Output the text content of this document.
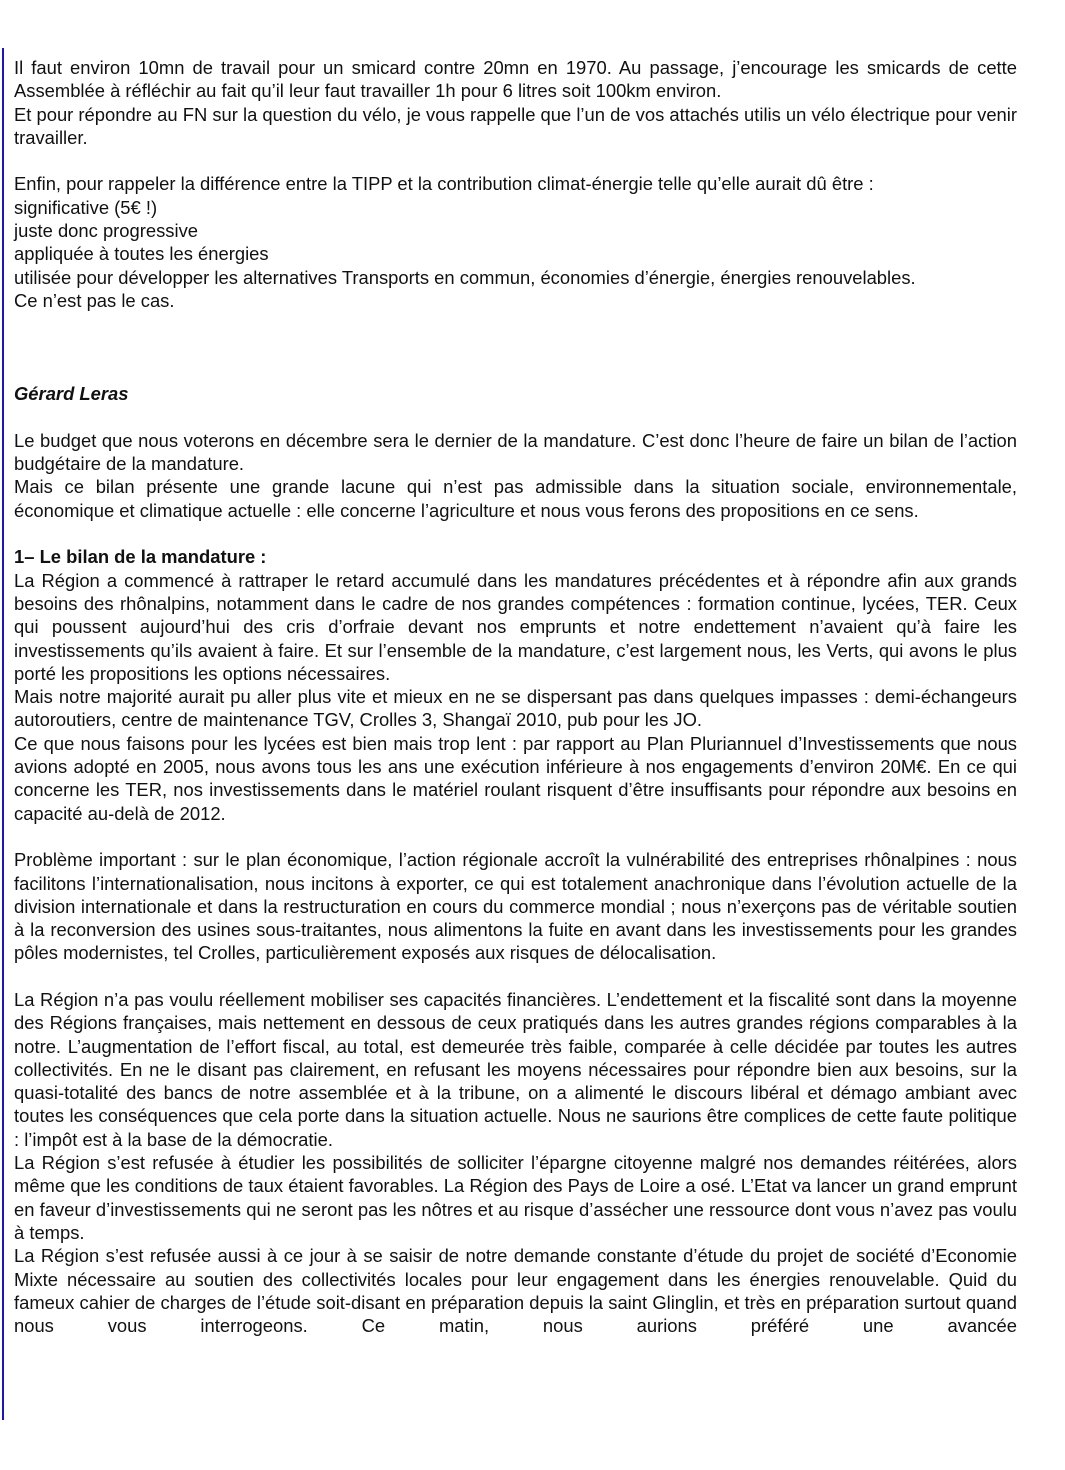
Il faut environ 10mn de travail pour un smicard contre 20mn en 1970. Au passage, j’encourage les smicards de cette Assemblée à réfléchir au fait qu’il leur faut travailler 1h pour 6 litres soit 100km environ.

Et pour répondre au FN sur la question du vélo, je vous rappelle que l’un de vos attachés utilis un vélo électrique pour venir travailler.

Enfin, pour rappeler la différence entre la TIPP et la contribution climat-énergie telle qu’elle aurait dû être :

significative (5€ !)

juste donc progressive

appliquée à toutes les énergies

utilisée pour développer les alternatives Transports en commun, économies d’énergie, énergies renouvelables.

Ce n’est pas le cas.

Gérard Leras

Le budget que nous voterons en décembre sera le dernier de la mandature. C’est donc l’heure de faire un bilan de l’action budgétaire de la mandature.

Mais ce bilan présente une grande lacune qui n’est pas admissible dans la situation sociale, environnementale, économique et climatique actuelle : elle concerne l’agriculture et nous vous ferons des propositions en ce sens.

1– Le bilan de la mandature :

La Région a commencé à rattraper le retard accumulé dans les mandatures précédentes et à répondre afin aux grands besoins des rhônalpins, notamment dans le cadre de nos grandes compétences : formation continue, lycées, TER. Ceux qui poussent aujourd’hui des cris d’orfraie devant nos emprunts et notre endettement n’avaient qu’à faire les investissements qu’ils avaient à faire. Et sur l’ensemble de la mandature, c’est largement nous, les Verts, qui avons le plus porté les propositions les options nécessaires.

Mais notre majorité aurait pu aller plus vite et mieux en ne se dispersant pas dans quelques impasses : demi-échangeurs autoroutiers, centre de maintenance TGV, Crolles 3, Shangaï 2010, pub pour les JO.

Ce que nous faisons pour les lycées est bien mais trop lent : par rapport au Plan Pluriannuel d’Investissements que nous avions adopté en 2005, nous avons tous les ans une exécution inférieure à nos engagements d’environ 20M€. En ce qui concerne les TER, nos investissements dans le matériel roulant risquent d’être insuffisants pour répondre aux besoins en capacité au-delà de 2012.

Problème important : sur le plan économique, l’action régionale accroît la vulnérabilité des entreprises rhônalpines : nous facilitons l’internationalisation, nous incitons à exporter, ce qui est totalement anachronique dans l’évolution actuelle de la division internationale et dans la restructuration en cours du commerce mondial ; nous n’exerçons pas de véritable soutien à la reconversion des usines sous-traitantes, nous alimentons la fuite en avant dans les investissements pour les grandes pôles modernistes, tel Crolles, particulièrement exposés aux risques de délocalisation.

La Région n’a pas voulu réellement mobiliser ses capacités financières. L’endettement et la fiscalité sont dans la moyenne des Régions françaises, mais nettement en dessous de ceux pratiqués dans les autres grandes régions comparables à la notre. L’augmentation de l’effort fiscal, au total, est demeurée très faible, comparée à celle décidée par toutes les autres collectivités. En ne le disant pas clairement, en refusant les moyens nécessaires pour répondre bien aux besoins, sur la quasi-totalité des bancs de notre assemblée et à la tribune, on a alimenté le discours libéral et démago ambiant avec toutes les conséquences que cela porte dans la situation actuelle. Nous ne saurions être complices de cette faute politique : l’impôt est à la base de la démocratie.

La Région s’est refusée à étudier les possibilités de solliciter l’épargne citoyenne malgré nos demandes réitérées, alors même que les conditions de taux étaient favorables. La Région des Pays de Loire a osé. L’Etat va lancer un grand emprunt en faveur d’investissements qui ne seront pas les nôtres et au risque d’assécher une ressource dont vous n’avez pas voulu à temps.

La Région s’est refusée aussi à ce jour à se saisir de notre demande constante d’étude du projet de société d’Economie Mixte nécessaire au soutien des collectivités locales pour leur engagement dans les énergies renouvelable. Quid du fameux cahier de charges de l’étude soit-disant en préparation depuis la saint Glinglin, et très en préparation surtout quand nous vous interrogeons. Ce matin, nous aurions préféré une avancée
